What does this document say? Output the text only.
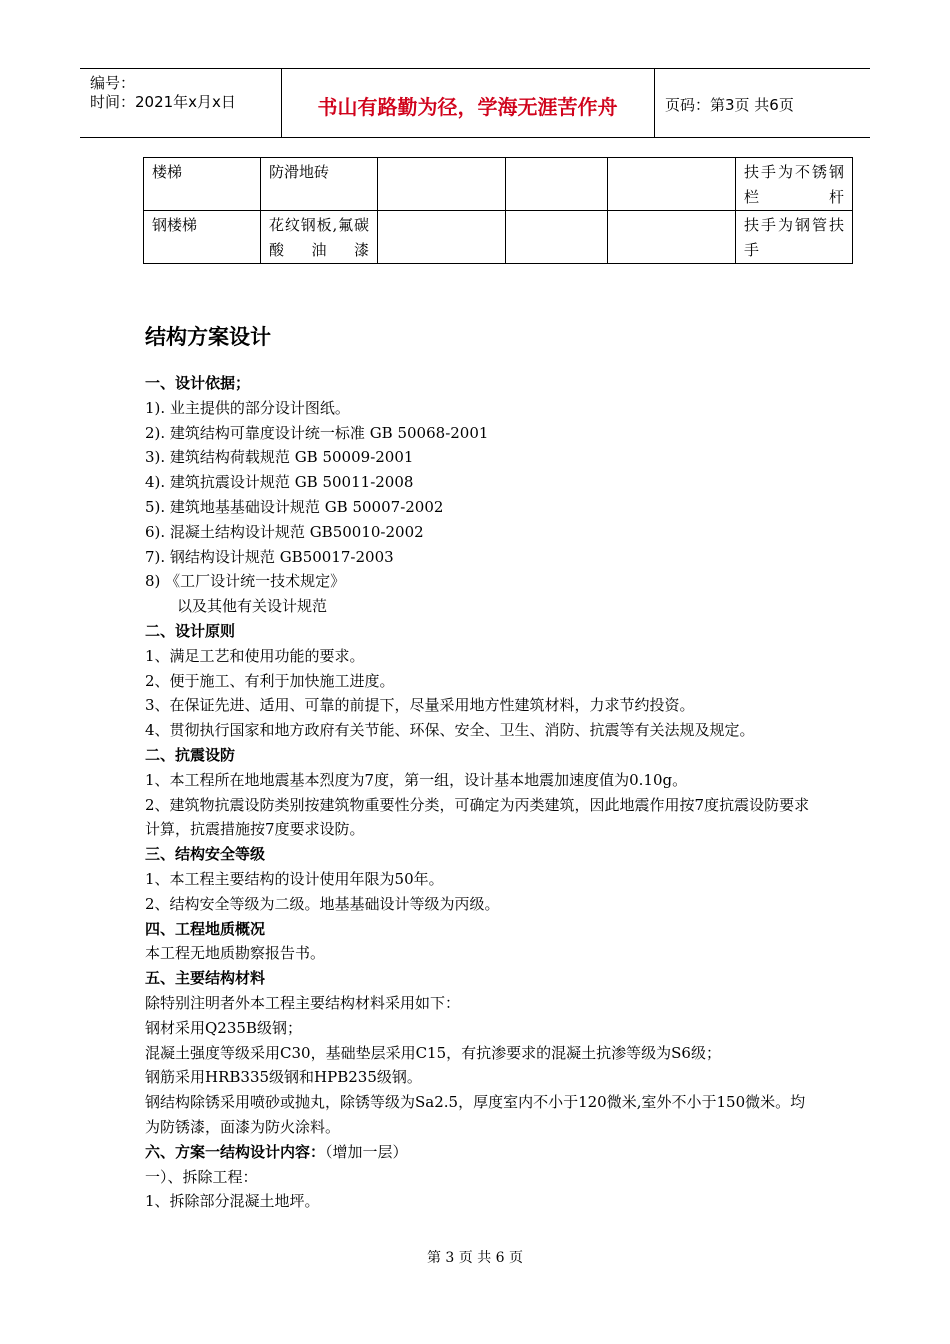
编号：
时间：2021年x月x日	书山有路勤为径，学海无涯苦作舟	页码：第3页 共6页
楼梯	防滑地砖				扶手为不锈钢栏杆
钢楼梯	花纹钢板,氟碳酸油漆				扶手为钢管扶手
结构方案设计

一、设计依据；

1). 业主提供的部分设计图纸。

2). 建筑结构可靠度设计统一标准 GB 50068-2001

3). 建筑结构荷载规范 GB 50009-2001

4). 建筑抗震设计规范 GB 50011-2008

5). 建筑地基基础设计规范 GB 50007-2002

6). 混凝土结构设计规范 GB50010-2002

7). 钢结构设计规范 GB50017-2003

8) 《工厂设计统一技术规定》

以及其他有关设计规范

二、设计原则

1、满足工艺和使用功能的要求。

2、便于施工、有利于加快施工进度。

3、在保证先进、适用、可靠的前提下，尽量采用地方性建筑材料，力求节约投资。

4、贯彻执行国家和地方政府有关节能、环保、安全、卫生、消防、抗震等有关法规及规定。

二、抗震设防

1、本工程所在地地震基本烈度为7度，第一组，设计基本地震加速度值为0.10g。

2、建筑物抗震设防类别按建筑物重要性分类，可确定为丙类建筑，因此地震作用按7度抗震设防要求计算，抗震措施按7度要求设防。

三、结构安全等级

1、本工程主要结构的设计使用年限为50年。

2、结构安全等级为二级。地基基础设计等级为丙级。

四、工程地质概况

本工程无地质勘察报告书。

五、主要结构材料

除特别注明者外本工程主要结构材料采用如下：

钢材采用Q235B级钢；

混凝土强度等级采用C30，基础垫层采用C15，有抗渗要求的混凝土抗渗等级为S6级；

钢筋采用HRB335级钢和HPB235级钢。

钢结构除锈采用喷砂或抛丸，除锈等级为Sa2.5，厚度室内不小于120微米,室外不小于150微米。均为防锈漆，面漆为防火涂料。

六、方案一结构设计内容：（增加一层）

一）、拆除工程：

1、拆除部分混凝土地坪。

第 3 页 共 6 页
